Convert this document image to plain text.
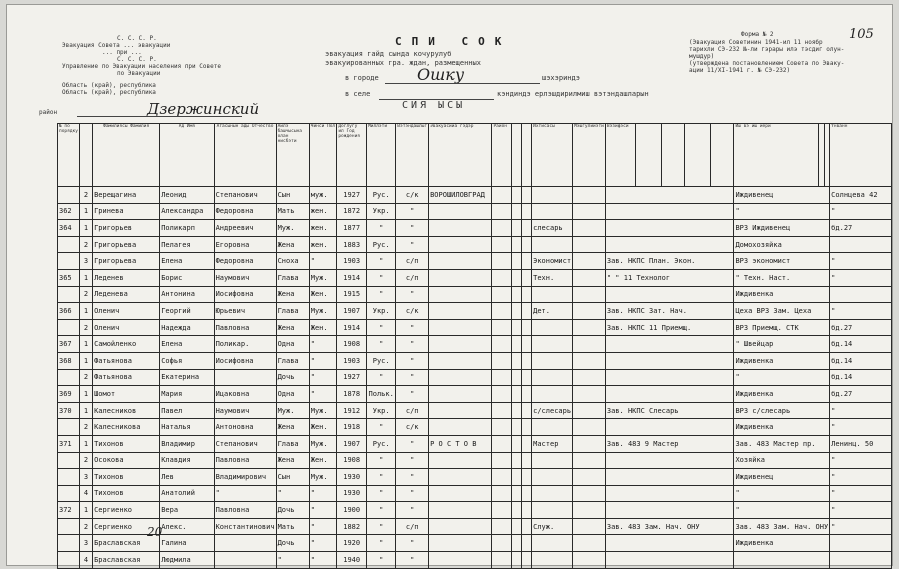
С. С. С. Р.
Эвакуация Совета ... эвакуации
... при ...
С. С. С. Р.
Управление по Эвакуации населения при Совете
по Эвакуации
Область (край), республика
Область (край), республика
СПИ СОК
эвакуация гайд сында кочурулуб
эвакуированных гра. ждан, размещенных
в городе Ошку	шэхэриндэ
в селе	кэндиндэ ерлэшдирилмиш вэтэндашларын
СИЯ ЫСЫ
район	Дзержинский
Форма № 2
(Эвакуация Советинин 1941-ил 11 ноябр
тарихли СЭ-232 №-ли гэрары илэ тэсдиг олун-
мушдур)
(утверждена постановлением Совета по Эваку-
ации 11/XI-1941 г. № СЭ-232)
105
№ по порядку		Фамилиясы Фамилия	Ад Имя	Атасынын ады Отчество	Аилэ башчысына олан нисбэти	Ҹинси Пол	Доглугу ил Год рождения	Миллэти	Вэтэндашлыг	Эвакуасийа гэдэр	Район			Ихтисасы	Мэшгулийэти	Вэзифэси					Иш вэ иш йери			Үнванн
	2	Верещагина	Леонид	Степанович	Сын	муж.	1927	Рус.	с/к	ВОРОШИЛОВГРАД											Иждивенец			Солнцева 42
362	1	Гринева	Александра	Федоровна	Мать	жен.	1872	Укр.	"												"			"
364	1	Григорьев	Поликарп	Андреевич	Муж.	жен.	1877	"	"					слесарь							ВРЗ Иждивенец			бд.27
	2	Григорьева	Пелагея	Егоровна	Жена	жен.	1883	Рус.	"												Домохозяйка			
	3	Григорьева	Елена	Федоровна	Сноха	"	1903	"	с/п					Экономист		Зав. НКПС План. Экон.					ВРЗ экономист			"
365	1	Леденев	Борис	Наумович	Глава	Муж.	1914	"	с/п					Техн.		" " 11 Технолог					" Техн. Наст.			"
	2	Леденева	Антонина	Иосифовна	Жена	Жен.	1915	"	"												Иждивенка			
366	1	Оленич	Георгий	Юрьевич	Глава	Муж.	1907	Укр.	с/к					Дет.		Зав. НКПС Зат. Нач.					Цеха ВРЗ Зам. Цеха			"
	2	Оленич	Надежда	Павловна	Жена	Жен.	1914	"	"							Зав. НКПС 11 Приемщ.					ВРЗ Приемщ. СТК			бд.27
367	1	Самойленко	Елена	Поликар.	Одна	"	1908	"	"												" Швейцар			бд.14
368	1	Фатьянова	Софья	Иосифовна	Глава	"	1903	Рус.	"												Иждивенка			бд.14
	2	Фатьянова	Екатерина		Дочь	"	1927	"	"												"			бд.14
369	1	Шомот	Мария	Ицаковна	Одна	"	1878	Польк.	"												Иждивенка			бд.27
370	1	Калесников	Павел	Наумович	Муж.	Муж.	1912	Укр.	с/п					с/слесарь		Зав. НКПС Слесарь					ВРЗ с/слесарь			"
	2	Калесникова	Наталья	Антоновна	Жена	Жен.	1918	"	с/к												Иждивенка			"
371	1	Тихонов	Владимир	Степанович	Глава	Муж.	1907	Рус.	"	Р О С Т О В				Мастер		Зав. 483 9 Мастер					Зав. 483 Мастер пр.			Ленинц. 50
	2	Осокова	Клавдия	Павловна	Жена	Жен.	1908	"	"												Хозяйка			"
	3	Тихонов	Лев	Владимирович	Сын	Муж.	1930	"	"												Иждивенец			"
	4	Тихонов	Анатолий	"	"	"	1930	"	"												"			"
372	1	Сергиенко	Вера	Павловна	Дочь	"	1900	"	"												"			"
	2	Сергиенко	Алекс.	Константинович	Мать	"	1882	"	с/п					Служ.		Зав. 483 Зам. Нач. ОНУ					Зав. 483 Зам. Нач. ОНУ			"
	3	Браславская	Галина		Дочь	"	1920	"	"												Иждивенка			
	4	Браславская	Людмила		"	"	1940	"	"															
20
